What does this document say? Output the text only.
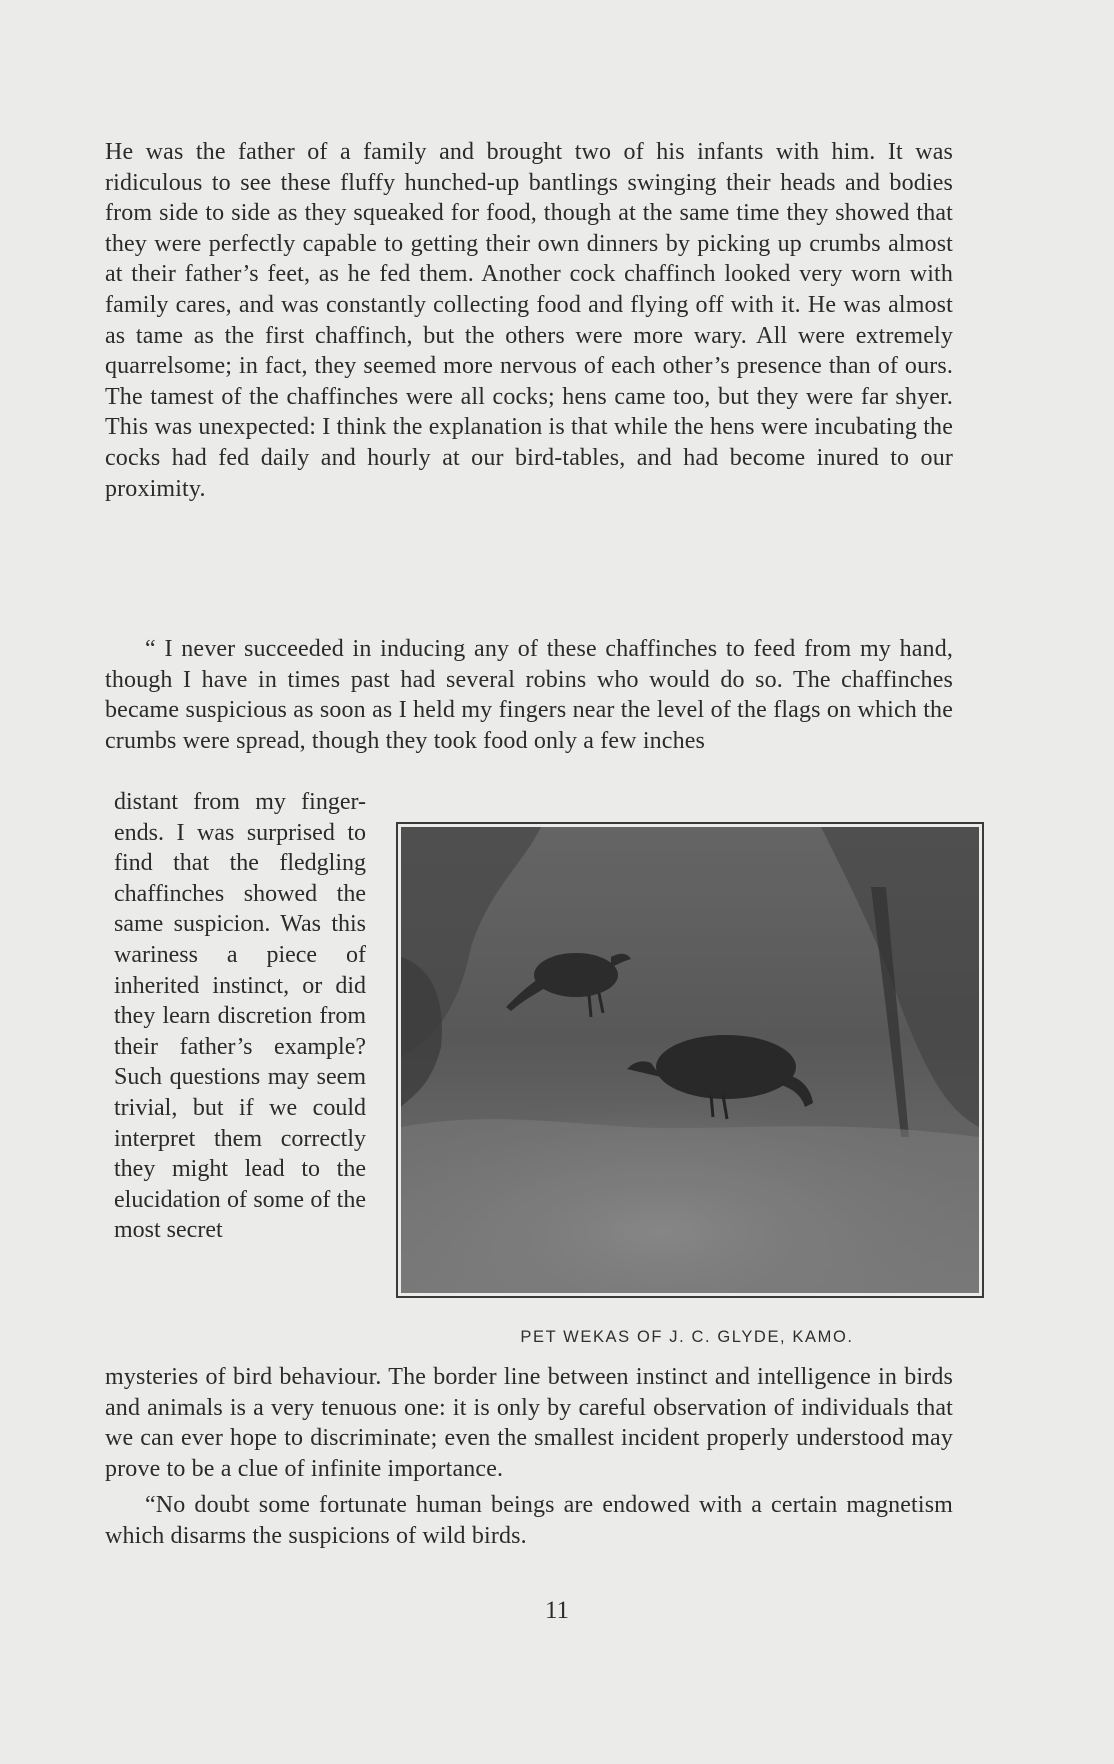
He was the father of a family and brought two of his infants with him. It was ridiculous to see these fluffy hunched-up bantlings swinging their heads and bodies from side to side as they squeaked for food, though at the same time they showed that they were perfectly capable to getting their own dinners by picking up crumbs almost at their father’s feet, as he fed them. Another cock chaffinch looked very worn with family cares, and was constantly collecting food and flying off with it. He was almost as tame as the first chaffinch, but the others were more wary. All were extremely quarrelsome; in fact, they seemed more nervous of each other’s presence than of ours. The tamest of the chaffinches were all cocks; hens came too, but they were far shyer. This was unexpected: I think the explanation is that while the hens were incubating the cocks had fed daily and hourly at our bird-tables, and had become inured to our proximity.

“ I never succeeded in inducing any of these chaffinches to feed from my hand, though I have in times past had several robins who would do so. The chaffinches became suspicious as soon as I held my fingers near the level of the flags on which the crumbs were spread, though they took food only a few inches

distant from my finger-ends. I was surprised to find that the fledgling chaffinches showed the same suspicion. Was this wariness a piece of inherited instinct, or did they learn discretion from their father’s example? Such questions may seem trivial, but if we could interpret them correctly they might lead to the elucidation of some of the most secret

PET WEKAS OF J. C. GLYDE, KAMO.

mysteries of bird behaviour. The border line between instinct and intelligence in birds and animals is a very tenuous one: it is only by careful observation of individuals that we can ever hope to discriminate; even the smallest incident properly understood may prove to be a clue of infinite importance.

“No doubt some fortunate human beings are endowed with a certain magnetism which disarms the suspicions of wild birds.

11
